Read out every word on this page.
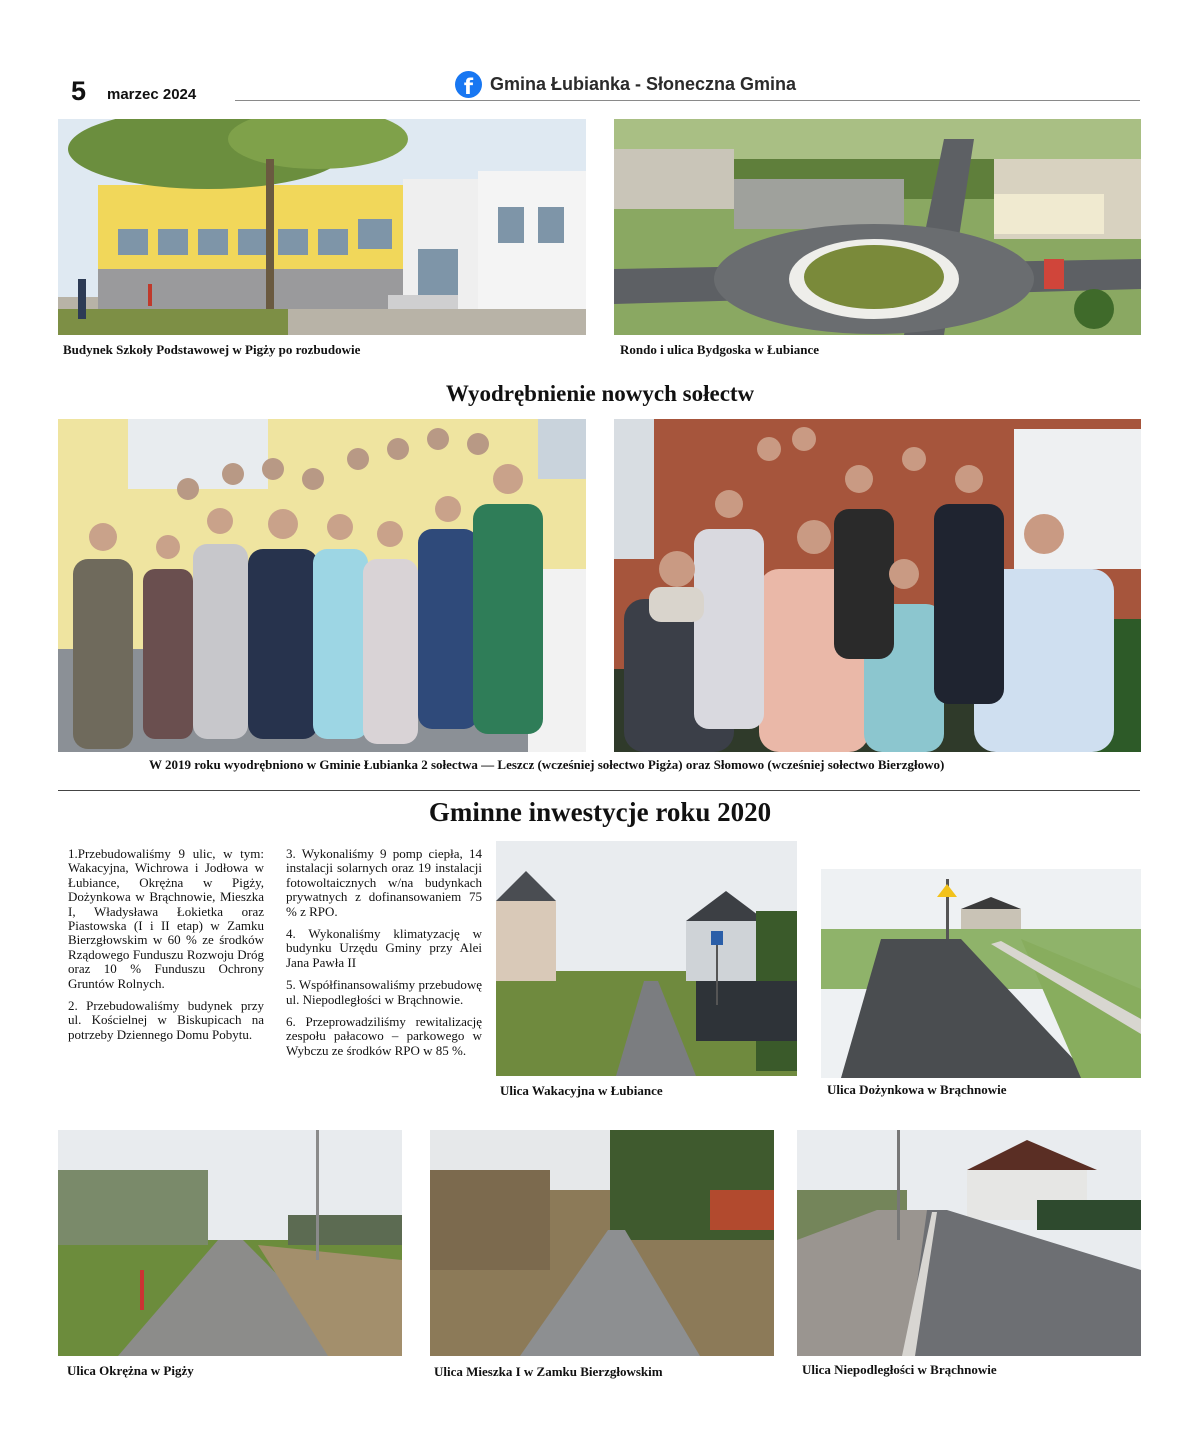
5 marzec 2024	f Gmina Łubianka - Słoneczna Gmina
Budynek Szkoły Podstawowej w Pigży po rozbudowie	Rondo i ulica Bydgoska w Łubiance
Wyodrębnienie nowych sołectw
W 2019 roku wyodrębniono w Gminie Łubianka 2 sołectwa — Leszcz (wcześniej sołectwo Pigża) oraz Słomowo (wcześniej sołectwo Bierzgłowo)
Gminne inwestycje roku 2020

1.Przebudowaliśmy 9 ulic, w tym: Wakacyjna, Wichrowa i Jodłowa w Łubiance, Okrężna w Pigży, Dożynkowa w Brąchnowie, Mieszka I, Władysława Łokietka oraz Piastowska (I i II etap) w Zamku Bierzgłowskim w 60 % ze środków Rządowego Funduszu Rozwoju Dróg oraz 10 % Funduszu Ochrony Gruntów Rolnych.

2. Przebudowaliśmy budynek przy ul. Kościelnej w Biskupicach na potrzeby Dziennego Domu Pobytu.

3. Wykonaliśmy 9 pomp ciepła, 14 instalacji solarnych oraz 19 instalacji fotowoltaicznych w/na budynkach prywatnych z dofinansowaniem 75 % z RPO.

4. Wykonaliśmy klimatyzację w budynku Urzędu Gminy przy Alei Jana Pawła II

5. Współfinansowaliśmy przebudowę ul. Niepodległości w Brąchnowie.

6. Przeprowadziliśmy rewitalizację zespołu pałacowo – parkowego w Wybczu ze środków RPO w 85 %.

Ulica Wakacyjna w Łubiance	Ulica Dożynkowa w Brąchnowie
Ulica Okrężna w Pigży	Ulica Mieszka I w Zamku Bierzgłowskim	Ulica Niepodległości w Brąchnowie
